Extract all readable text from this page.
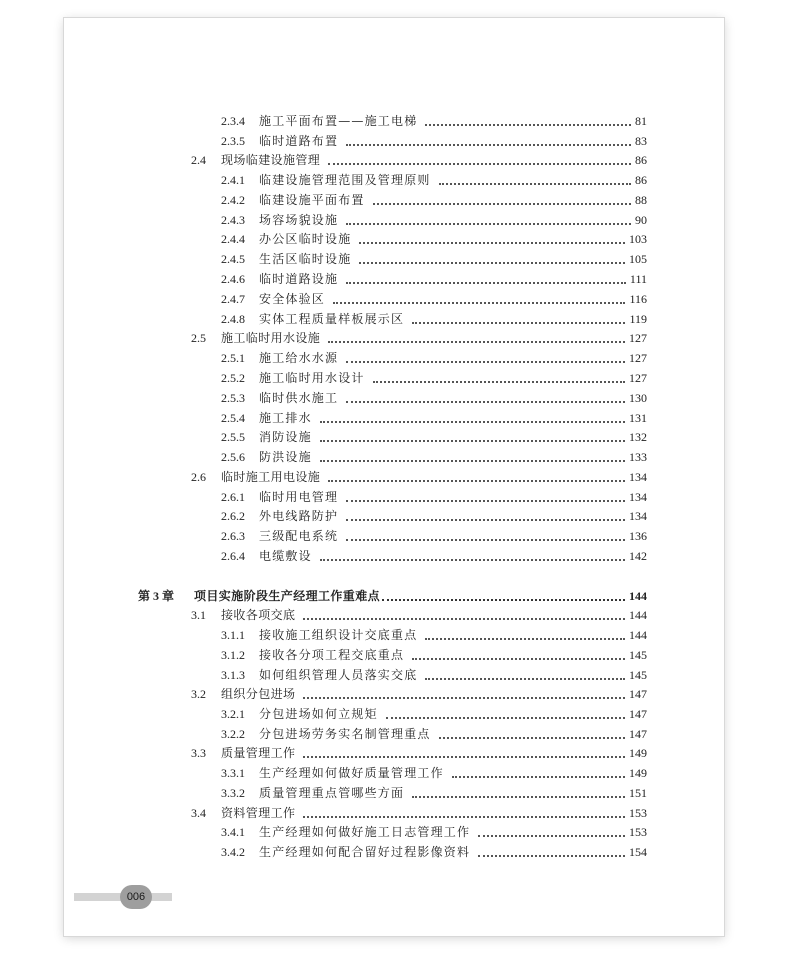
2.3.4	施工平面布置——施工电梯	81
2.3.5	临时道路布置	83
2.4	现场临建设施管理	86
2.4.1	临建设施管理范围及管理原则	86
2.4.2	临建设施平面布置	88
2.4.3	场容场貌设施	90
2.4.4	办公区临时设施	103
2.4.5	生活区临时设施	105
2.4.6	临时道路设施	111
2.4.7	安全体验区	116
2.4.8	实体工程质量样板展示区	119
2.5	施工临时用水设施	127
2.5.1	施工给水水源	127
2.5.2	施工临时用水设计	127
2.5.3	临时供水施工	130
2.5.4	施工排水	131
2.5.5	消防设施	132
2.5.6	防洪设施	133
2.6	临时施工用电设施	134
2.6.1	临时用电管理	134
2.6.2	外电线路防护	134
2.6.3	三级配电系统	136
2.6.4	电缆敷设	142
第 3 章	项目实施阶段生产经理工作重难点	144
3.1	接收各项交底	144
3.1.1	接收施工组织设计交底重点	144
3.1.2	接收各分项工程交底重点	145
3.1.3	如何组织管理人员落实交底	145
3.2	组织分包进场	147
3.2.1	分包进场如何立规矩	147
3.2.2	分包进场劳务实名制管理重点	147
3.3	质量管理工作	149
3.3.1	生产经理如何做好质量管理工作	149
3.3.2	质量管理重点管哪些方面	151
3.4	资料管理工作	153
3.4.1	生产经理如何做好施工日志管理工作	153
3.4.2	生产经理如何配合留好过程影像资料	154
006
